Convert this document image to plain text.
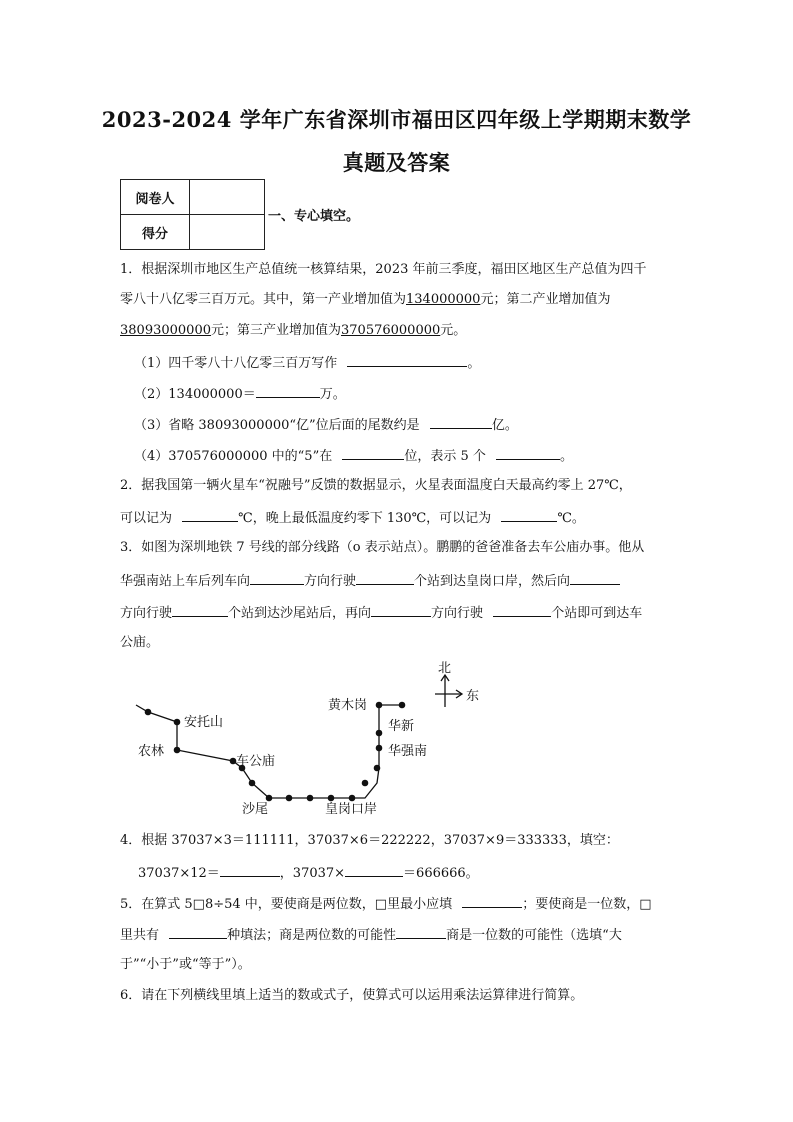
2023-2024 学年广东省深圳市福田区四年级上学期期末数学
真题及答案
阅卷人	
得分	
一、专心填空。
1．根据深圳市地区生产总值统一核算结果，2023 年前三季度，福田区地区生产总值为四千
零八十八亿零三百万元。其中，第一产业增加值为134000000元；第二产业增加值为
38093000000元；第三产业增加值为370576000000元。
（1）四千零八十八亿零三百万写作	。
（2）134000000＝	万。
（3）省略 38093000000“亿”位后面的尾数约是	亿。
（4）370576000000 中的“5”在	位，表示 5 个	。
2．据我国第一辆火星车“祝融号”反馈的数据显示，火星表面温度白天最高约零上 27℃，
可以记为	℃，晚上最低温度约零下 130℃，可以记为	℃。
3．如图为深圳地铁 7 号线的部分线路（o 表示站点）。鹏鹏的爸爸准备去车公庙办事。他从
华强南站上车后列车向	方向行驶	个站到达皇岗口岸，然后向
方向行驶	个站到达沙尾站后，再向	方向行驶	个站即可到达车
公庙。
北
东
安托山
农林
车公庙
沙尾	皇岗口岸
黄木岗
华新
华强南
4．根据 37037×3＝111111，37037×6＝222222，37037×9＝333333，填空：
37037×12＝	，37037×	＝666666。
5．在算式 5□8÷54 中，要使商是两位数，□里最小应填	；要使商是一位数，□
里共有	种填法；商是两位数的可能性	商是一位数的可能性（选填“大
于”“小于”或“等于”）。
6．请在下列横线里填上适当的数或式子，使算式可以运用乘法运算律进行简算。
